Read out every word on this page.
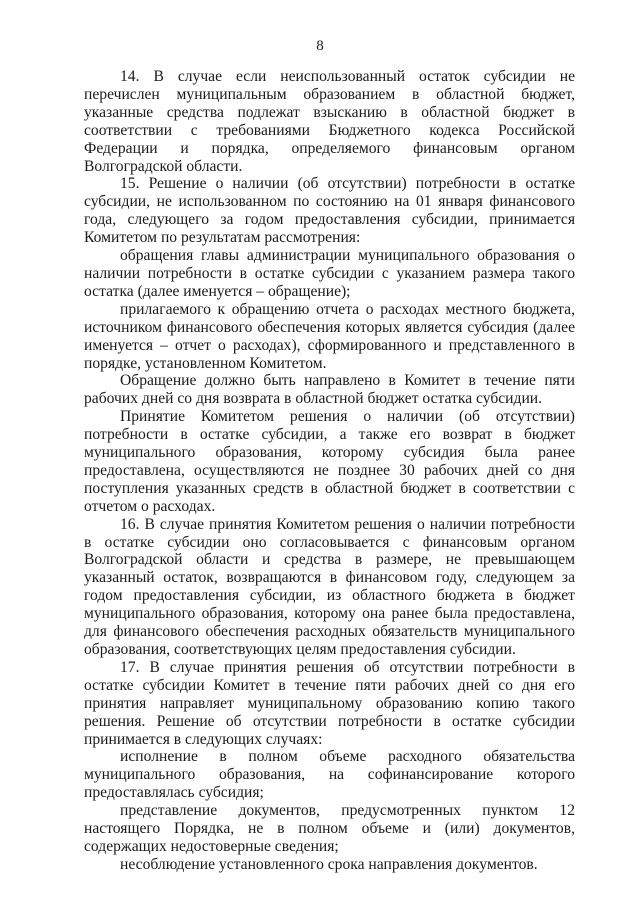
8

14. В случае если неиспользованный остаток субсидии не перечислен муниципальным образованием в областной бюджет, указанные средства подлежат взысканию в областной бюджет в соответствии с требованиями Бюджетного кодекса Российской Федерации и порядка, определяемого финансовым органом Волгоградской области.

15. Решение о наличии (об отсутствии) потребности в остатке субсидии, не использованном по состоянию на 01 января финансового года, следующего за годом предоставления субсидии, принимается Комитетом по результатам рассмотрения:

обращения главы администрации муниципального образования о наличии потребности в остатке субсидии с указанием размера такого остатка (далее именуется – обращение);

прилагаемого к обращению отчета о расходах местного бюджета, источником финансового обеспечения которых является субсидия (далее именуется – отчет о расходах), сформированного и представленного в порядке, установленном Комитетом.

Обращение должно быть направлено в Комитет в течение пяти рабочих дней со дня возврата в областной бюджет остатка субсидии.

Принятие Комитетом решения о наличии (об отсутствии) потребности в остатке субсидии, а также его возврат в бюджет муниципального образования, которому субсидия была ранее предоставлена, осуществляются не позднее 30 рабочих дней со дня поступления указанных средств в областной бюджет в соответствии с отчетом о расходах.

16. В случае принятия Комитетом решения о наличии потребности в остатке субсидии оно согласовывается с финансовым органом Волгоградской области и средства в размере, не превышающем указанный остаток, возвращаются в финансовом году, следующем за годом предоставления субсидии, из областного бюджета в бюджет муниципального образования, которому она ранее была предоставлена, для финансового обеспечения расходных обязательств муниципального образования, соответствующих целям предоставления субсидии.

17. В случае принятия решения об отсутствии потребности в остатке субсидии Комитет в течение пяти рабочих дней со дня его принятия направляет муниципальному образованию копию такого решения. Решение об отсутствии потребности в остатке субсидии принимается в следующих случаях:

исполнение в полном объеме расходного обязательства муниципального образования, на софинансирование которого предоставлялась субсидия;

представление документов, предусмотренных пунктом 12 настоящего Порядка, не в полном объеме и (или) документов, содержащих недостоверные сведения;

несоблюдение установленного срока направления документов.
